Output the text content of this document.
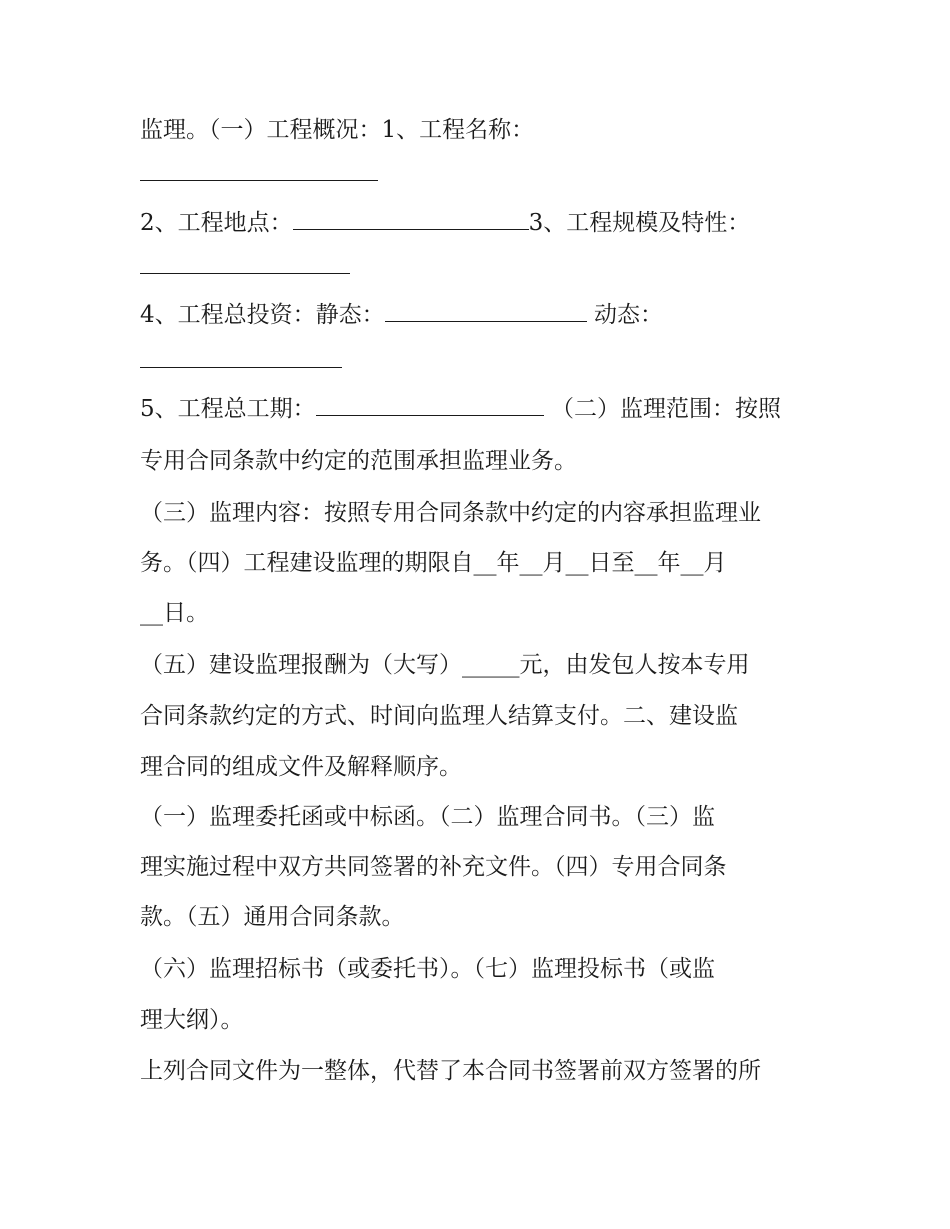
监理。（一）工程概况：1、工程名称：
2、工程地点：	3、工程规模及特性：
4、工程总投资：静态：	动态：
5、工程总工期：	（二）监理范围：按照
专用合同条款中约定的范围承担监理业务。
（三）监理内容：按照专用合同条款中约定的内容承担监理业
务。（四）工程建设监理的期限自__年__月__日至__年__月
__日。
（五）建设监理报酬为（大写）_____元，由发包人按本专用
合同条款约定的方式、时间向监理人结算支付。二、建设监
理合同的组成文件及解释顺序。
（一）监理委托函或中标函。（二）监理合同书。（三）监
理实施过程中双方共同签署的补充文件。（四）专用合同条
款。（五）通用合同条款。
（六）监理招标书（或委托书）。（七）监理投标书（或监
理大纲）。
上列合同文件为一整体，代替了本合同书签署前双方签署的所
